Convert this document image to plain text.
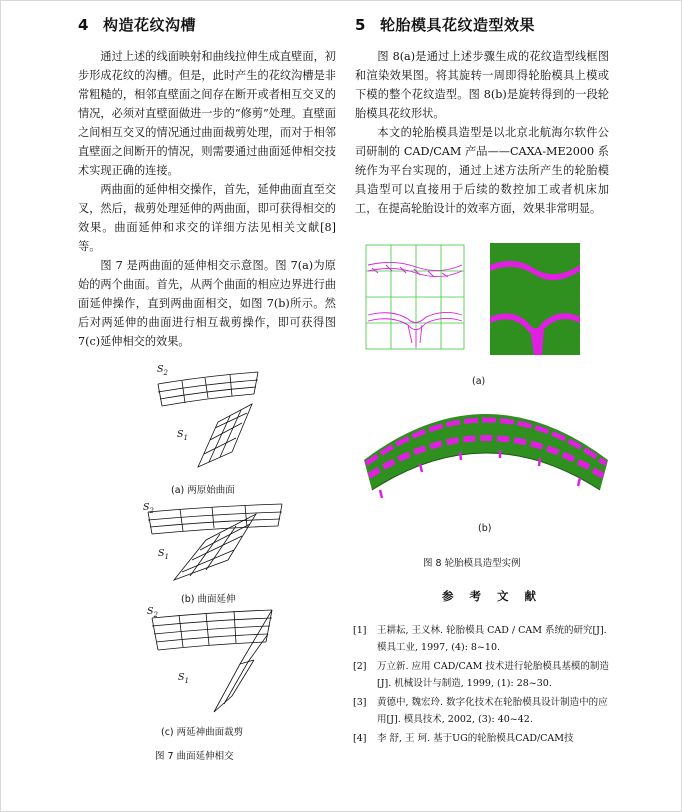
4 构造花纹沟槽

通过上述的线面映射和曲线拉伸生成直壁面，初步形成花纹的沟槽。但是，此时产生的花纹沟槽是非常粗糙的，相邻直壁面之间存在断开或者相互交叉的情况，必须对直壁面做进一步的“修剪”处理。直壁面之间相互交叉的情况通过曲面裁剪处理，而对于相邻直壁面之间断开的情况，则需要通过曲面延伸相交技术实现正确的连接。

两曲面的延伸相交操作，首先，延伸曲面直至交叉，然后，裁剪处理延伸的两曲面，即可获得相交的效果。曲面延伸和求交的详细方法见相关文献[8]等。

图 7 是两曲面的延伸相交示意图。图 7(a)为原始的两个曲面。首先，从两个曲面的相应边界进行曲面延伸操作，直到两曲面相交，如图 7(b)所示。然后对两延伸的曲面进行相互裁剪操作，即可获得图 7(c)延伸相交的效果。

$S_2$
$S_1$
(a) 两原始曲面
$S_2$
$S_1$
(b) 曲面延伸
$S_2$
$S_1$
(c) 两延神曲面裁剪
图 7 曲面延伸相交
5 轮胎模具花纹造型效果

图 8(a)是通过上述步骤生成的花纹造型线框图和渲染效果图。将其旋转一周即得轮胎模具上模或下模的整个花纹造型。图 8(b)是旋转得到的一段轮胎模具花纹形状。

本文的轮胎模具造型是以北京北航海尔软件公司研制的 CAD/CAM 产品——CAXA-ME2000 系统作为平台实现的，通过上述方法所产生的轮胎模具造型可以直接用于后续的数控加工或者机床加工，在提高轮胎设计的效率方面，效果非常明显。

(a)
(b)
图 8 轮胎模具造型实例
参 考 文 献
[1] 王耕耘, 王义林. 轮胎模具 CAD / CAM 系统的研究[J]. 模具工业, 1997, (4): 8~10.
[2] 万立新. 应用 CAD/CAM 技术进行轮胎模具基模的制造[J]. 机械设计与制造, 1999, (1): 28~30.
[3] 黄德中, 魏宏玲. 数字化技术在轮胎模具设计制造中的应用[J]. 模具技术, 2002, (3): 40~42.
[4] 李 舒, 王 珂. 基于UG的轮胎模具CAD/CAM技
